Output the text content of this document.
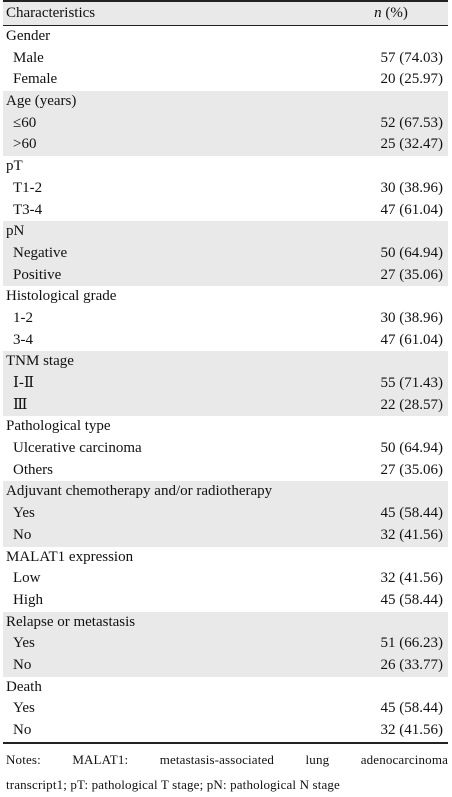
Characteristics	n (%)
Gender
Male	57 (74.03)
Female	20 (25.97)
Age (years)
≤60	52 (67.53)
>60	25 (32.47)
pT
T1-2	30 (38.96)
T3-4	47 (61.04)
pN
Negative	50 (64.94)
Positive	27 (35.06)
Histological grade
1-2	30 (38.96)
3-4	47 (61.04)
TNM stage
Ⅰ-Ⅱ	55 (71.43)
Ⅲ	22 (28.57)
Pathological type
Ulcerative carcinoma	50 (64.94)
Others	27 (35.06)
Adjuvant chemotherapy and/or radiotherapy
Yes	45 (58.44)
No	32 (41.56)
MALAT1 expression
Low	32 (41.56)
High	45 (58.44)
Relapse or metastasis
Yes	51 (66.23)
No	26 (33.77)
Death
Yes	45 (58.44)
No	32 (41.56)
Notes: MALAT1: metastasis-associated lung adenocarcinoma
transcript1; pT: pathological T stage; pN: pathological N stage
